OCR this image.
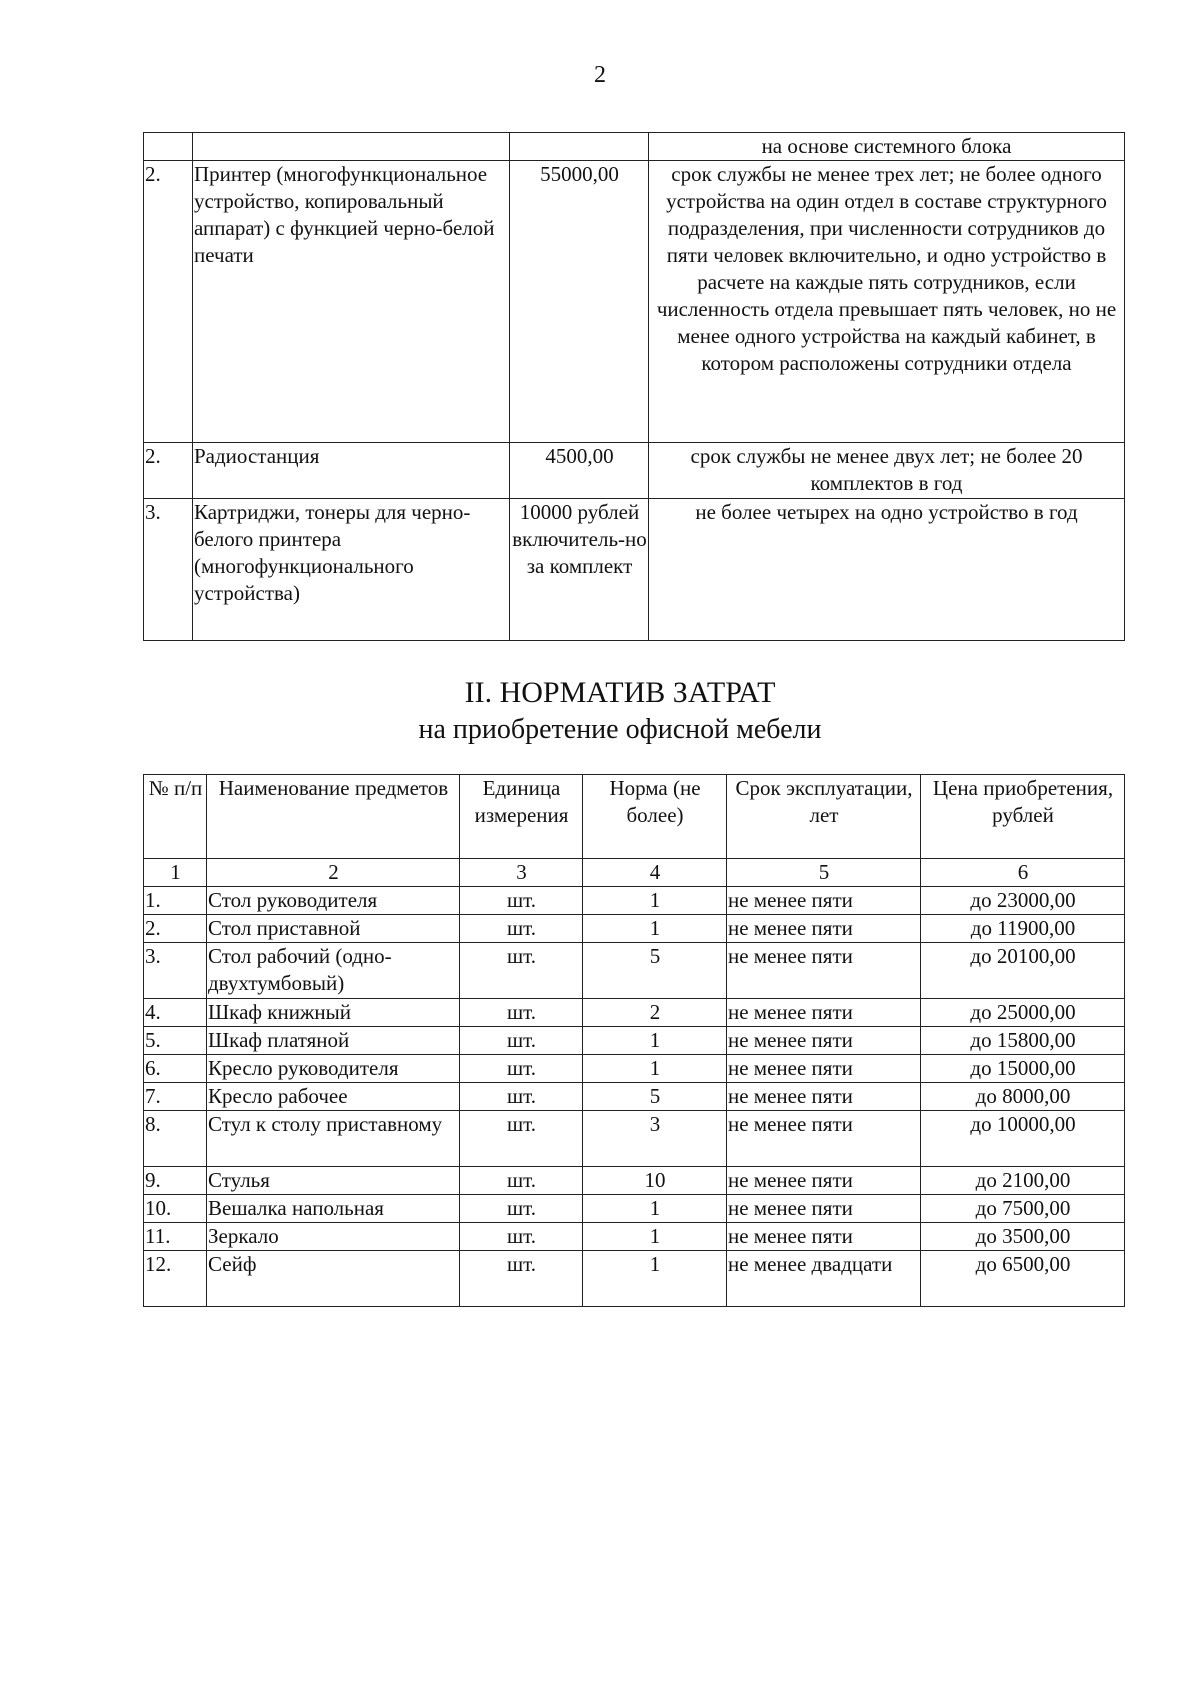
2
			на основе системного блока
2.	Принтер (многофункциональное устройство, копировальный аппарат) с функцией черно-белой печати	55000,00	срок службы не менее трех лет; не более одного устройства на один отдел в составе структурного подразделения, при численности сотрудников до пяти человек включительно, и одно устройство в расчете на каждые пять сотрудников, если численность отдела превышает пять человек, но не менее одного устройства на каждый кабинет, в котором расположены сотрудники отдела
2.	Радиостанция	4500,00	срок службы не менее двух лет; не более 20 комплектов в год
3.	Картриджи, тонеры для черно-белого принтера (многофункционального устройства)	10000 рублей включитель-но за комплект	не более четырех на одно устройство в год
II. НОРМАТИВ ЗАТРАТ
на приобретение офисной мебели
№ п/п	Наименование предметов	Единица измерения	Норма (не более)	Срок эксплуатации, лет	Цена приобретения, рублей
1	2	3	4	5	6
1.	Стол руководителя	шт.	1	не менее пяти	до 23000,00
2.	Стол приставной	шт.	1	не менее пяти	до 11900,00
3.	Стол рабочий (одно-двухтумбовый)	шт.	5	не менее пяти	до 20100,00
4.	Шкаф книжный	шт.	2	не менее пяти	до 25000,00
5.	Шкаф платяной	шт.	1	не менее пяти	до 15800,00
6.	Кресло руководителя	шт.	1	не менее пяти	до 15000,00
7.	Кресло рабочее	шт.	5	не менее пяти	до 8000,00
8.	Стул к столу приставному	шт.	3	не менее пяти	до 10000,00
9.	Стулья	шт.	10	не менее пяти	до 2100,00
10.	Вешалка напольная	шт.	1	не менее пяти	до 7500,00
11.	Зеркало	шт.	1	не менее пяти	до 3500,00
12.	Сейф	шт.	1	не менее двадцати	до 6500,00
